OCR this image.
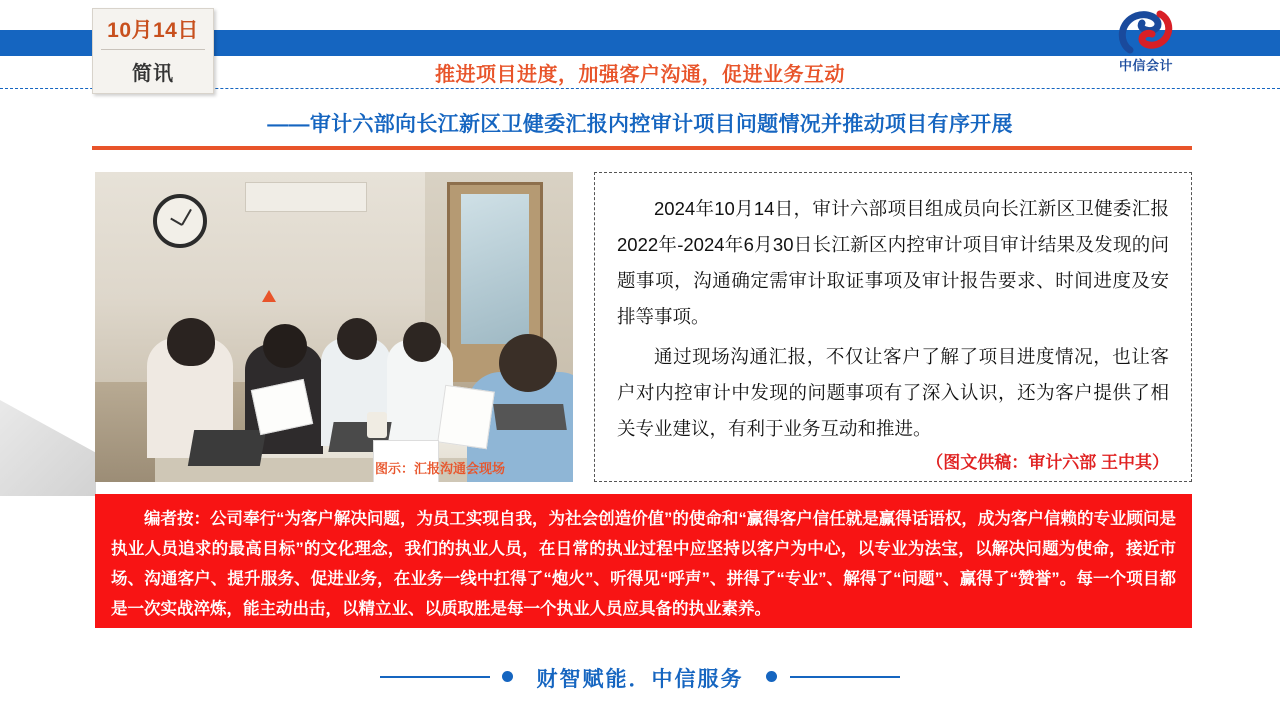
10月14日
简讯	中信会计
推进项目进度，加强客户沟通，促进业务互动
——审计六部向长江新区卫健委汇报内控审计项目问题情况并推动项目有序开展
图示：汇报沟通会现场

2024年10月14日，审计六部项目组成员向长江新区卫健委汇报2022年-2024年6月30日长江新区内控审计项目审计结果及发现的问题事项，沟通确定需审计取证事项及审计报告要求、时间进度及安排等事项。

通过现场沟通汇报，不仅让客户了解了项目进度情况，也让客户对内控审计中发现的问题事项有了深入认识，还为客户提供了相关专业建议，有利于业务互动和推进。

（图文供稿：审计六部 王中其）

编者按：公司奉行“为客户解决问题，为员工实现自我，为社会创造价值”的使命和“赢得客户信任就是赢得话语权，成为客户信赖的专业顾问是执业人员追求的最高目标”的文化理念，我们的执业人员，在日常的执业过程中应坚持以客户为中心，以专业为法宝，以解决问题为使命，接近市场、沟通客户、提升服务、促进业务，在业务一线中扛得了“炮火”、听得见“呼声”、拼得了“专业”、解得了“问题”、赢得了“赞誉”。每一个项目都是一次实战淬炼，能主动出击，以精立业、以质取胜是每一个执业人员应具备的执业素养。

财智赋能．中信服务
